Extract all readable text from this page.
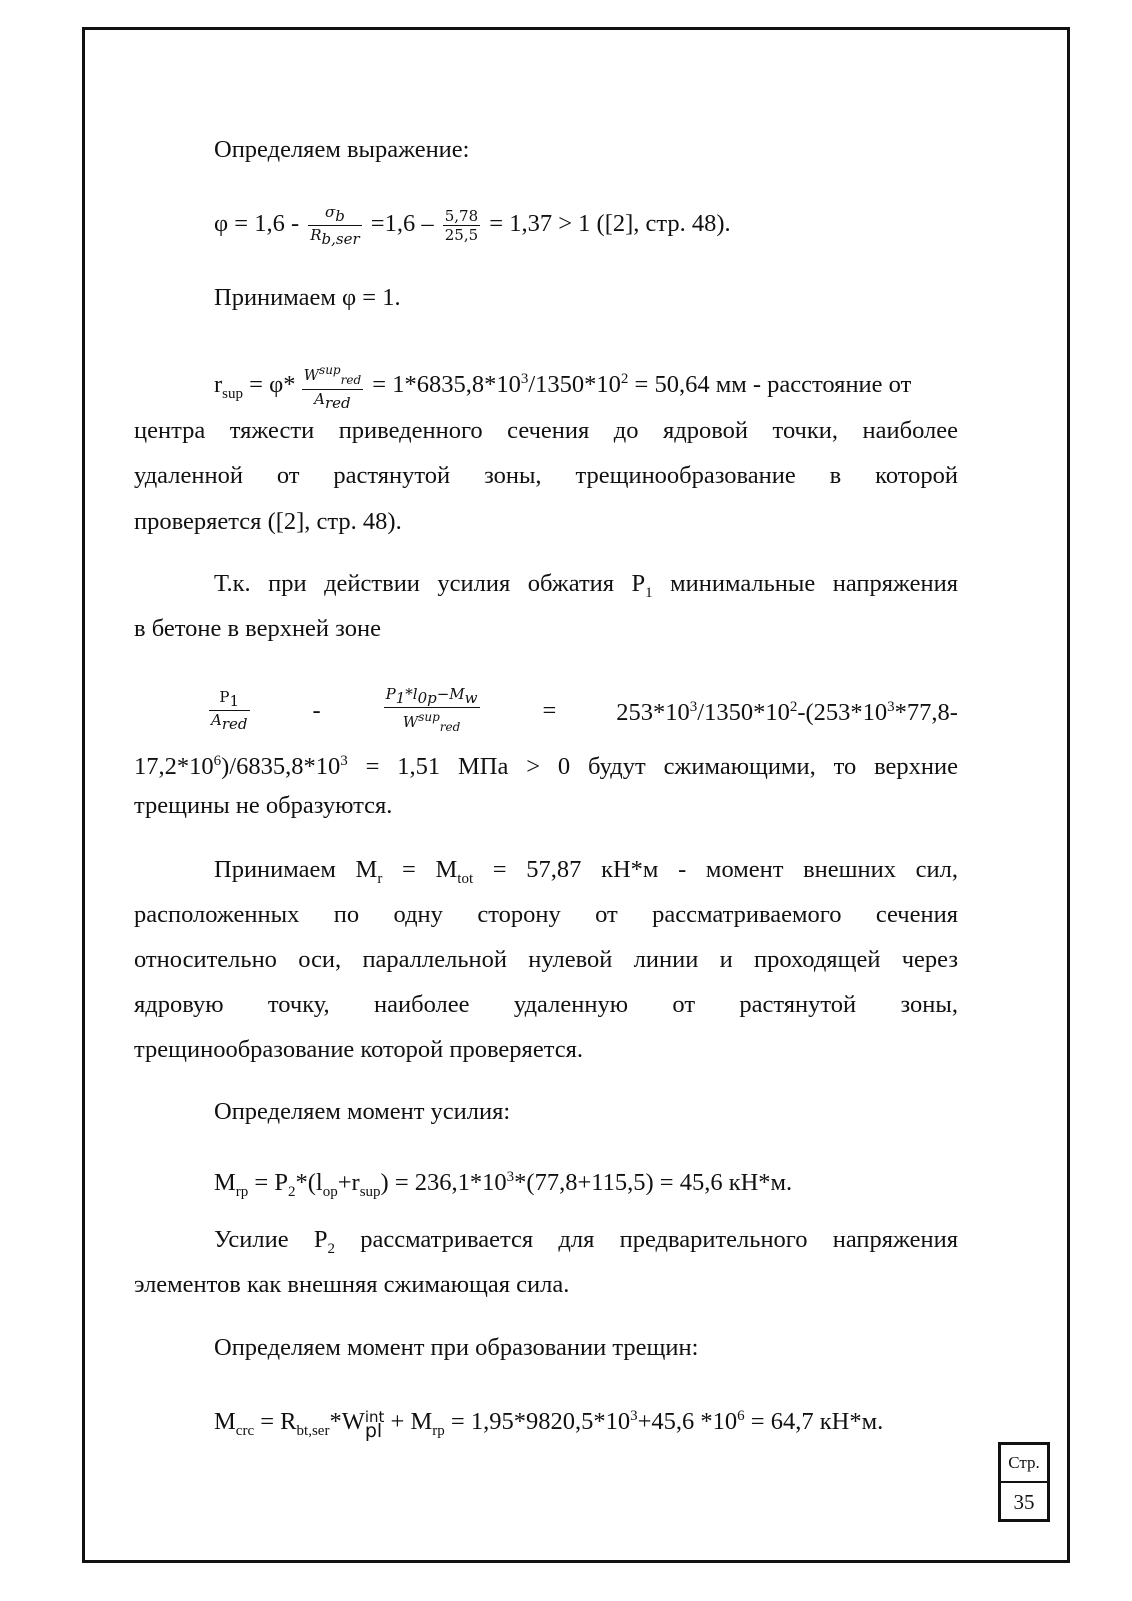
Определяем выражение:
$\varphi = 1,6 - \frac{\sigma_b}{R_{b,ser}} =1,6 - \frac{5,78}{25,5} = 1,37 > 1$ ([2], стр. 48).
Принимаем φ = 1.
$r_{sup} = \varphi* \frac{W^{sup}_{red}}{A_{red}} = 1*6835,8*10^3/1350*10^2 = 50,64$ мм - расстояние от
центра тяжести приведенного сечения до ядровой точки, наиболее
удаленной от растянутой зоны, трещинообразование в которой
проверяется ([2], стр. 48).
Т.к. при действии усилия обжатия $P_1$ минимальные напряжения
в бетоне в верхней зоне
$\frac{P_1}{A_{red}}$	-	$\frac{P_1*l_{0p}-M_w}{W^{sup}_{red}}$	= $253*10^3/1350*10^2-(253*10^3*77,8-$
$17,2*10^6)/6835,8*10^3 = 1,51$ МПа > 0 будут сжимающими, то верхние
трещины не образуются.
Принимаем $M_r = M_{tot} = 57,87$ кН*м - момент внешних сил,
расположенных по одну сторону от рассматриваемого сечения
относительно оси, параллельной нулевой линии и проходящей через
ядровую точку, наиболее удаленную от растянутой зоны,
трещинообразование которой проверяется.
Определяем момент усилия:
$M_{rp} = P_2*(l_{op}+r_{sup}) = 236,1*10^3*(77,8+115,5) = 45,6$ кН*м.
Усилие $P_2$ рассматривается для предварительного напряжения
элементов как внешняя сжимающая сила.
Определяем момент при образовании трещин:
$M_{crc} = R_{bt,ser}*W$ int
pl + $M_{rp} = 1,95*9820,5*10^3+45,6$ $*10^6 = 64,7$ кН*м.
Стр.
35
